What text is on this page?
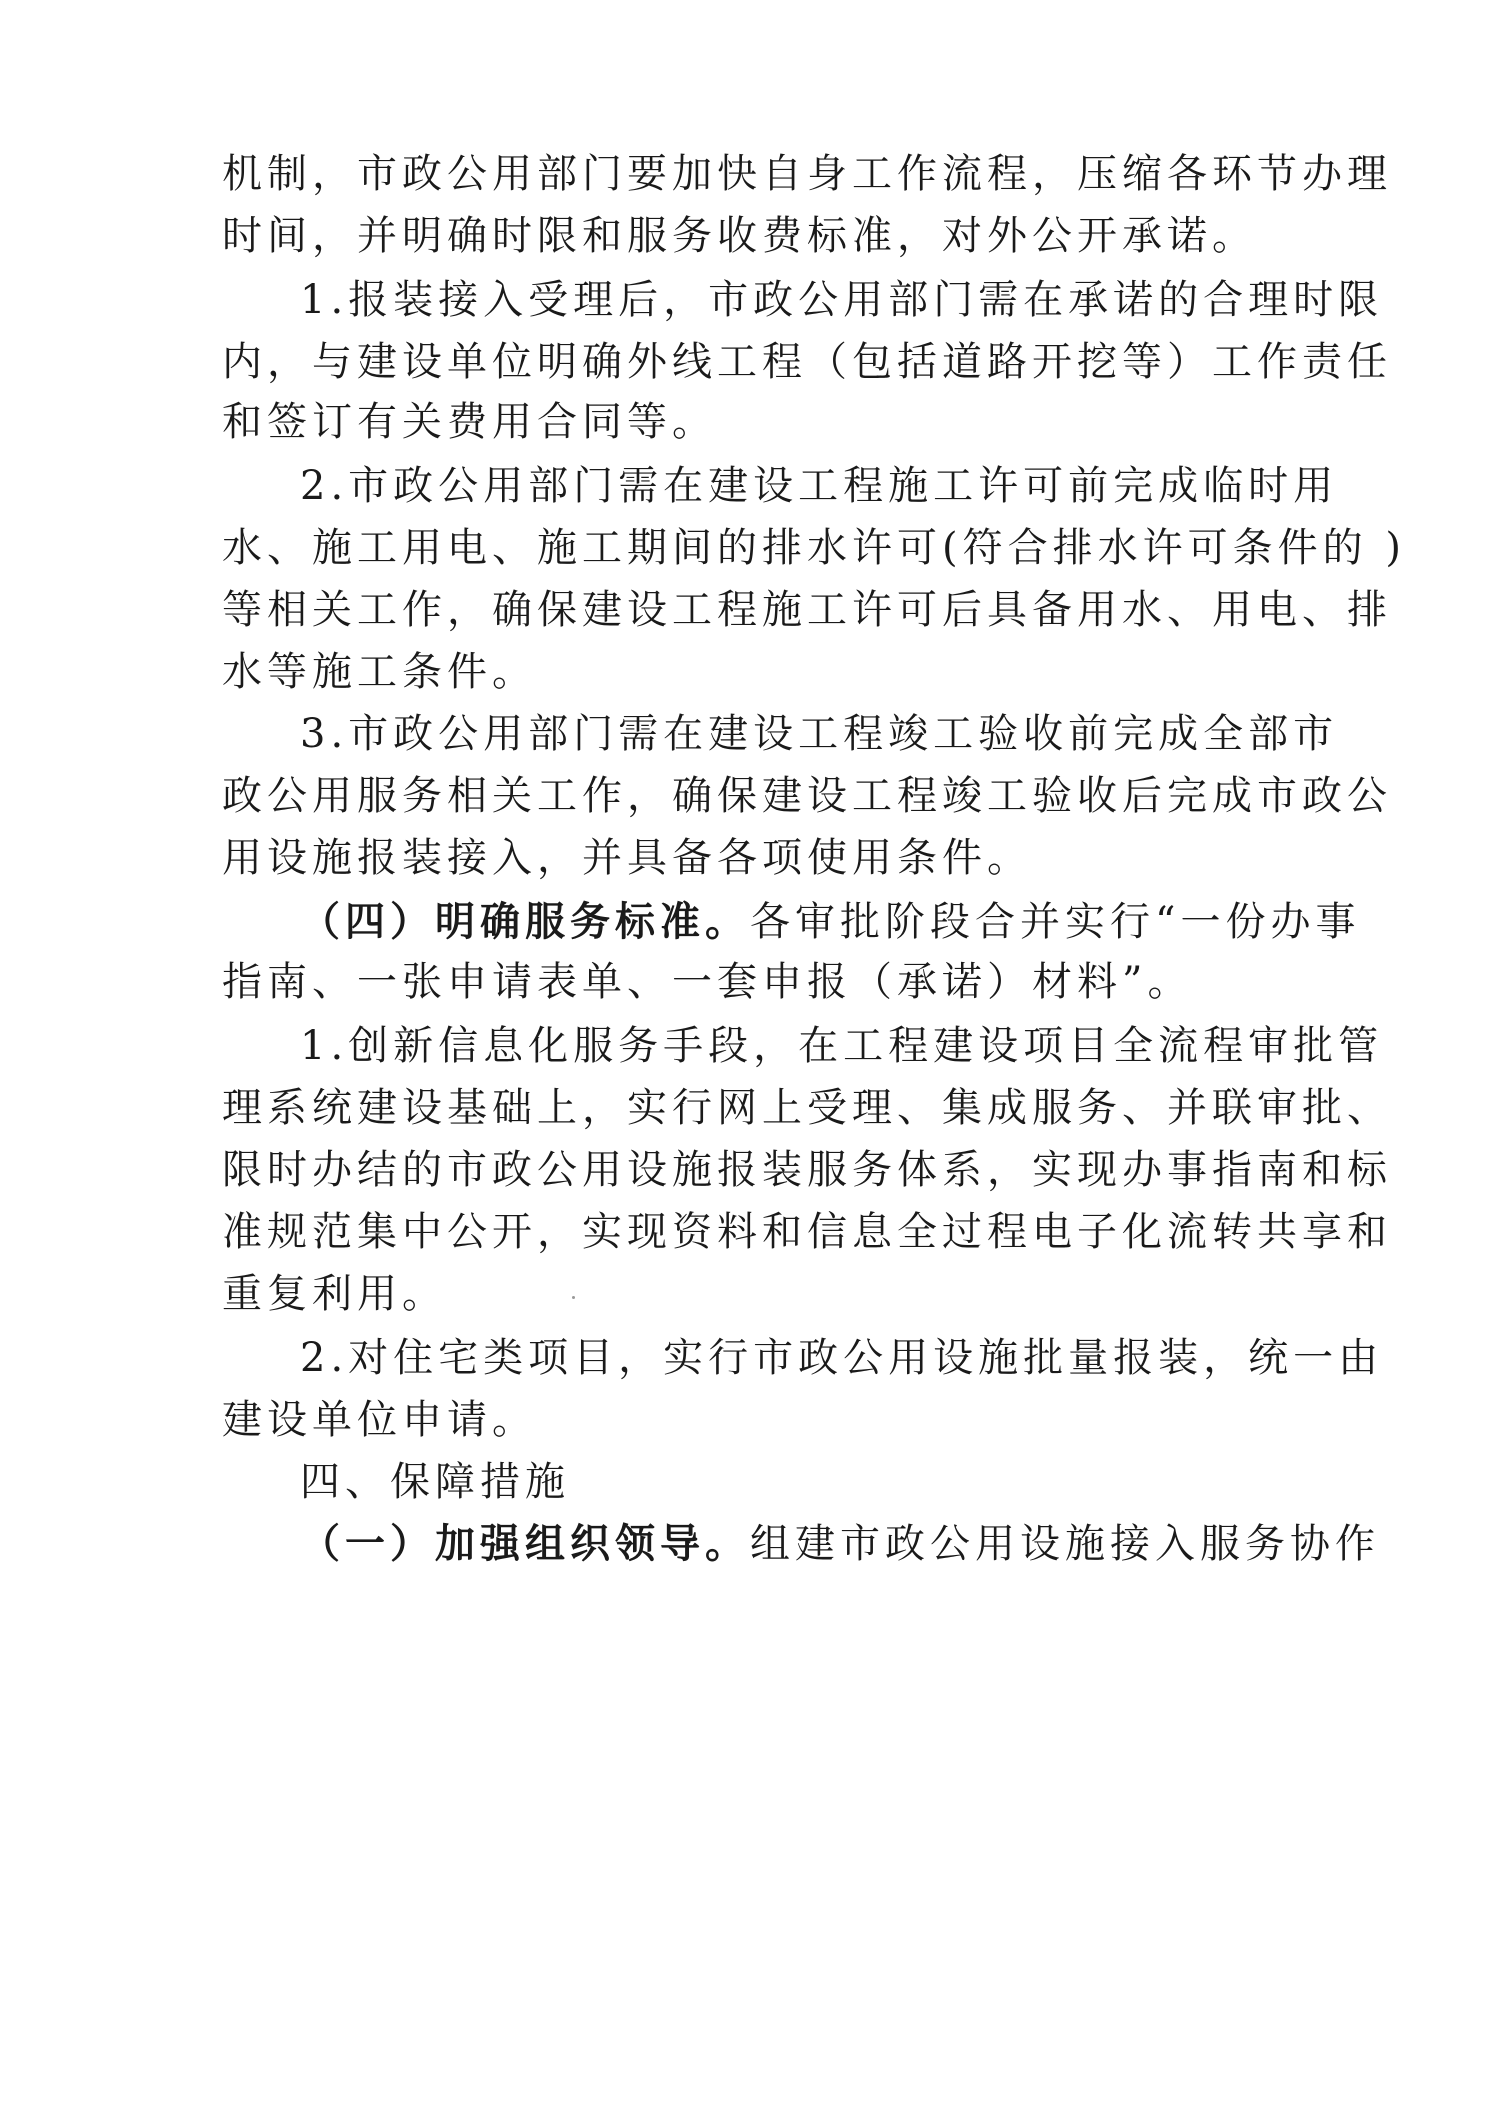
机制，市政公用部门要加快自身工作流程，压缩各环节办理
时间，并明确时限和服务收费标准，对外公开承诺。
1.报装接入受理后，市政公用部门需在承诺的合理时限
内，与建设单位明确外线工程（包括道路开挖等）工作责任
和签订有关费用合同等。
2.市政公用部门需在建设工程施工许可前完成临时用
水、施工用电、施工期间的排水许可(符合排水许可条件的 )
等相关工作，确保建设工程施工许可后具备用水、用电、排
水等施工条件。
3.市政公用部门需在建设工程竣工验收前完成全部市
政公用服务相关工作，确保建设工程竣工验收后完成市政公
用设施报装接入，并具备各项使用条件。
（四）明确服务标准。各审批阶段合并实行“一份办事
指南、一张申请表单、一套申报（承诺）材料”。
1.创新信息化服务手段，在工程建设项目全流程审批管
理系统建设基础上，实行网上受理、集成服务、并联审批、
限时办结的市政公用设施报装服务体系，实现办事指南和标
准规范集中公开，实现资料和信息全过程电子化流转共享和
重复利用。
2.对住宅类项目，实行市政公用设施批量报装，统一由
建设单位申请。
四、保障措施
（一）加强组织领导。组建市政公用设施接入服务协作
